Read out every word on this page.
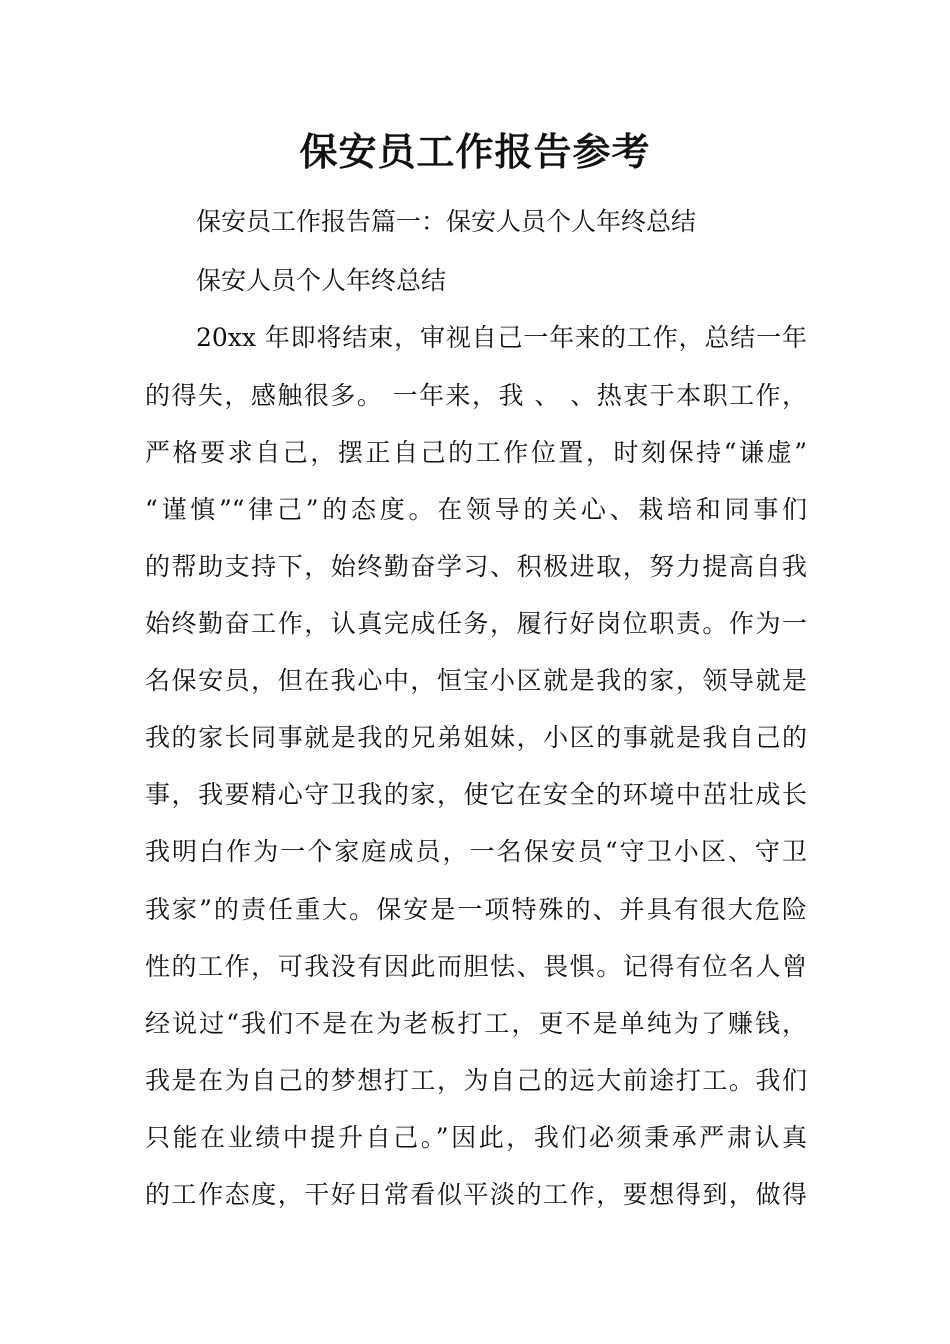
保安员工作报告参考

保安员工作报告篇一：保安人员个人年终总结

保安人员个人年终总结

20xx 年即将结束，审视自己一年来的工作，总结一年

的得失，感触很多。 一年来，我 、 、热衷于本职工作，

严格要求自己，摆正自己的工作位置，时刻保持“谦虚”

“谨慎”“律己”的态度。在领导的关心、栽培和同事们

的帮助支持下，始终勤奋学习、积极进取，努力提高自我

始终勤奋工作，认真完成任务，履行好岗位职责。作为一

名保安员，但在我心中，恒宝小区就是我的家，领导就是

我的家长同事就是我的兄弟姐妹，小区的事就是我自己的

事，我要精心守卫我的家，使它在安全的环境中茁壮成长

我明白作为一个家庭成员，一名保安员“守卫小区、守卫

我家”的责任重大。保安是一项特殊的、并具有很大危险

性的工作，可我没有因此而胆怯、畏惧。记得有位名人曾

经说过“我们不是在为老板打工，更不是单纯为了赚钱，

我是在为自己的梦想打工，为自己的远大前途打工。我们

只能在业绩中提升自己。”因此，我们必须秉承严肃认真

的工作态度，干好日常看似平淡的工作，要想得到，做得
